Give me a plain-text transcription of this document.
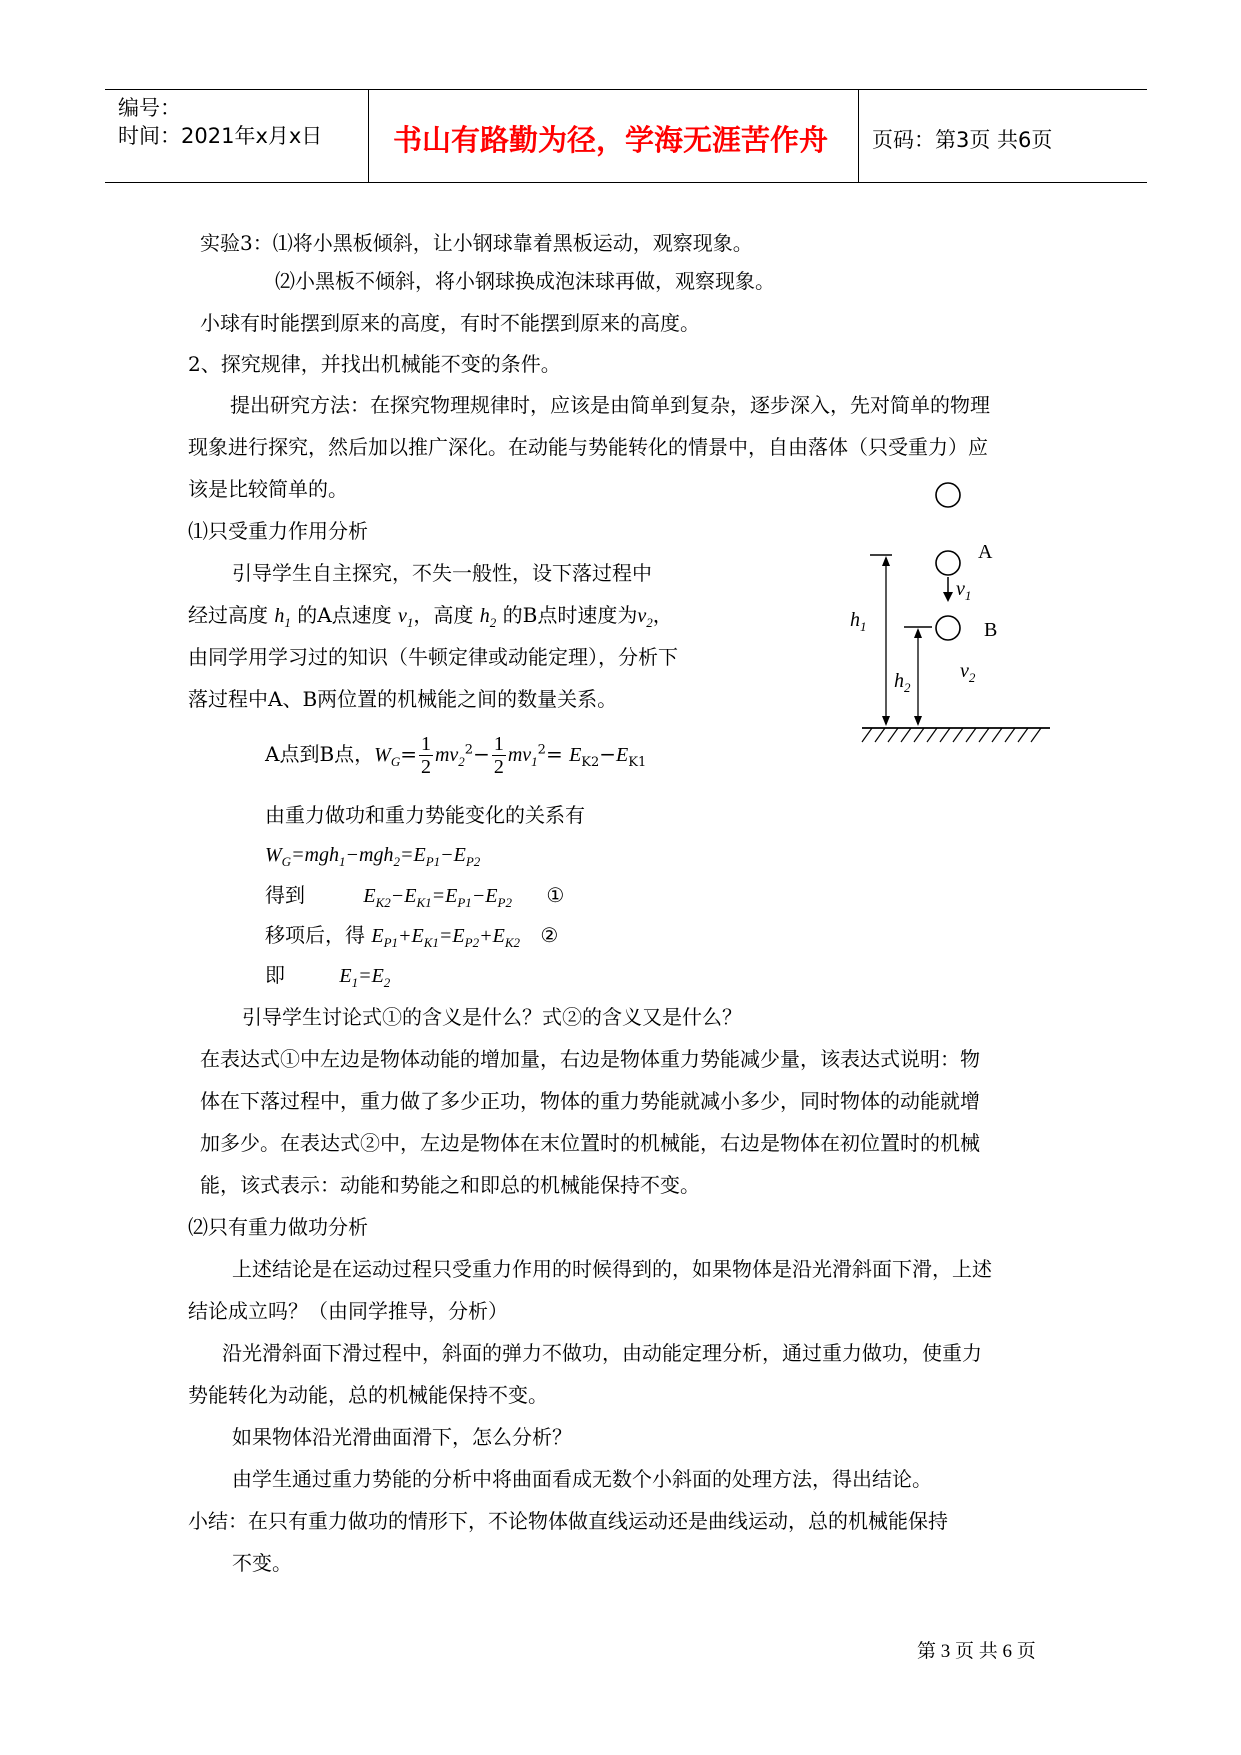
编号：
时间：2021年x月x日 书山有路勤为径，学海无涯苦作舟 页码：第3页 共6页
实验3：⑴将小黑板倾斜，让小钢球靠着黑板运动，观察现象。
⑵小黑板不倾斜，将小钢球换成泡沫球再做，观察现象。
小球有时能摆到原来的高度，有时不能摆到原来的高度。
2、探究规律，并找出机械能不变的条件。
提出研究方法：在探究物理规律时，应该是由简单到复杂，逐步深入，先对简单的物理
现象进行探究，然后加以推广深化。在动能与势能转化的情景中，自由落体（只受重力）应
该是比较简单的。
⑴只受重力作用分析
引导学生自主探究，不失一般性，设下落过程中
经过高度 $h_1$ 的A点速度 $v_1$，高度 $h_2$ 的B点时速度为$v_2$，
由同学用学习过的知识（牛顿定律或动能定理），分析下
落过程中A、B两位置的机械能之间的数量关系。
A点到B点，$W_G= \frac{1}{2} mv_2^2- \frac{1}{2} mv_1^2= E_{K2}-E_{K1}$
由重力做功和重力势能变化的关系有
$W_G=mgh_1-mgh_2=E_{P1}-E_{P2}$
得到	$E_{K2}-E_{K1}=E_{P1}-E_{P2}$ ①
移项后，得 $E_{P1}+E_{K1}=E_{P2}+E_{K2}$ ②
即	$E_1=E_2$
引导学生讨论式①的含义是什么？式②的含义又是什么？
在表达式①中左边是物体动能的增加量，右边是物体重力势能减少量，该表达式说明：物
体在下落过程中，重力做了多少正功，物体的重力势能就减小多少，同时物体的动能就增
加多少。在表达式②中，左边是物体在末位置时的机械能，右边是物体在初位置时的机械
能，该式表示：动能和势能之和即总的机械能保持不变。
⑵只有重力做功分析
上述结论是在运动过程只受重力作用的时候得到的，如果物体是沿光滑斜面下滑，上述
结论成立吗？（由同学推导，分析）
沿光滑斜面下滑过程中，斜面的弹力不做功，由动能定理分析，通过重力做功，使重力
势能转化为动能，总的机械能保持不变。
如果物体沿光滑曲面滑下，怎么分析？
由学生通过重力势能的分析中将曲面看成无数个小斜面的处理方法，得出结论。
小结：在只有重力做功的情形下，不论物体做直线运动还是曲线运动，总的机械能保持
不变。
A
B
$v_1$
$v_2$
$h_1$
$h_2$
第 3 页 共 6 页
